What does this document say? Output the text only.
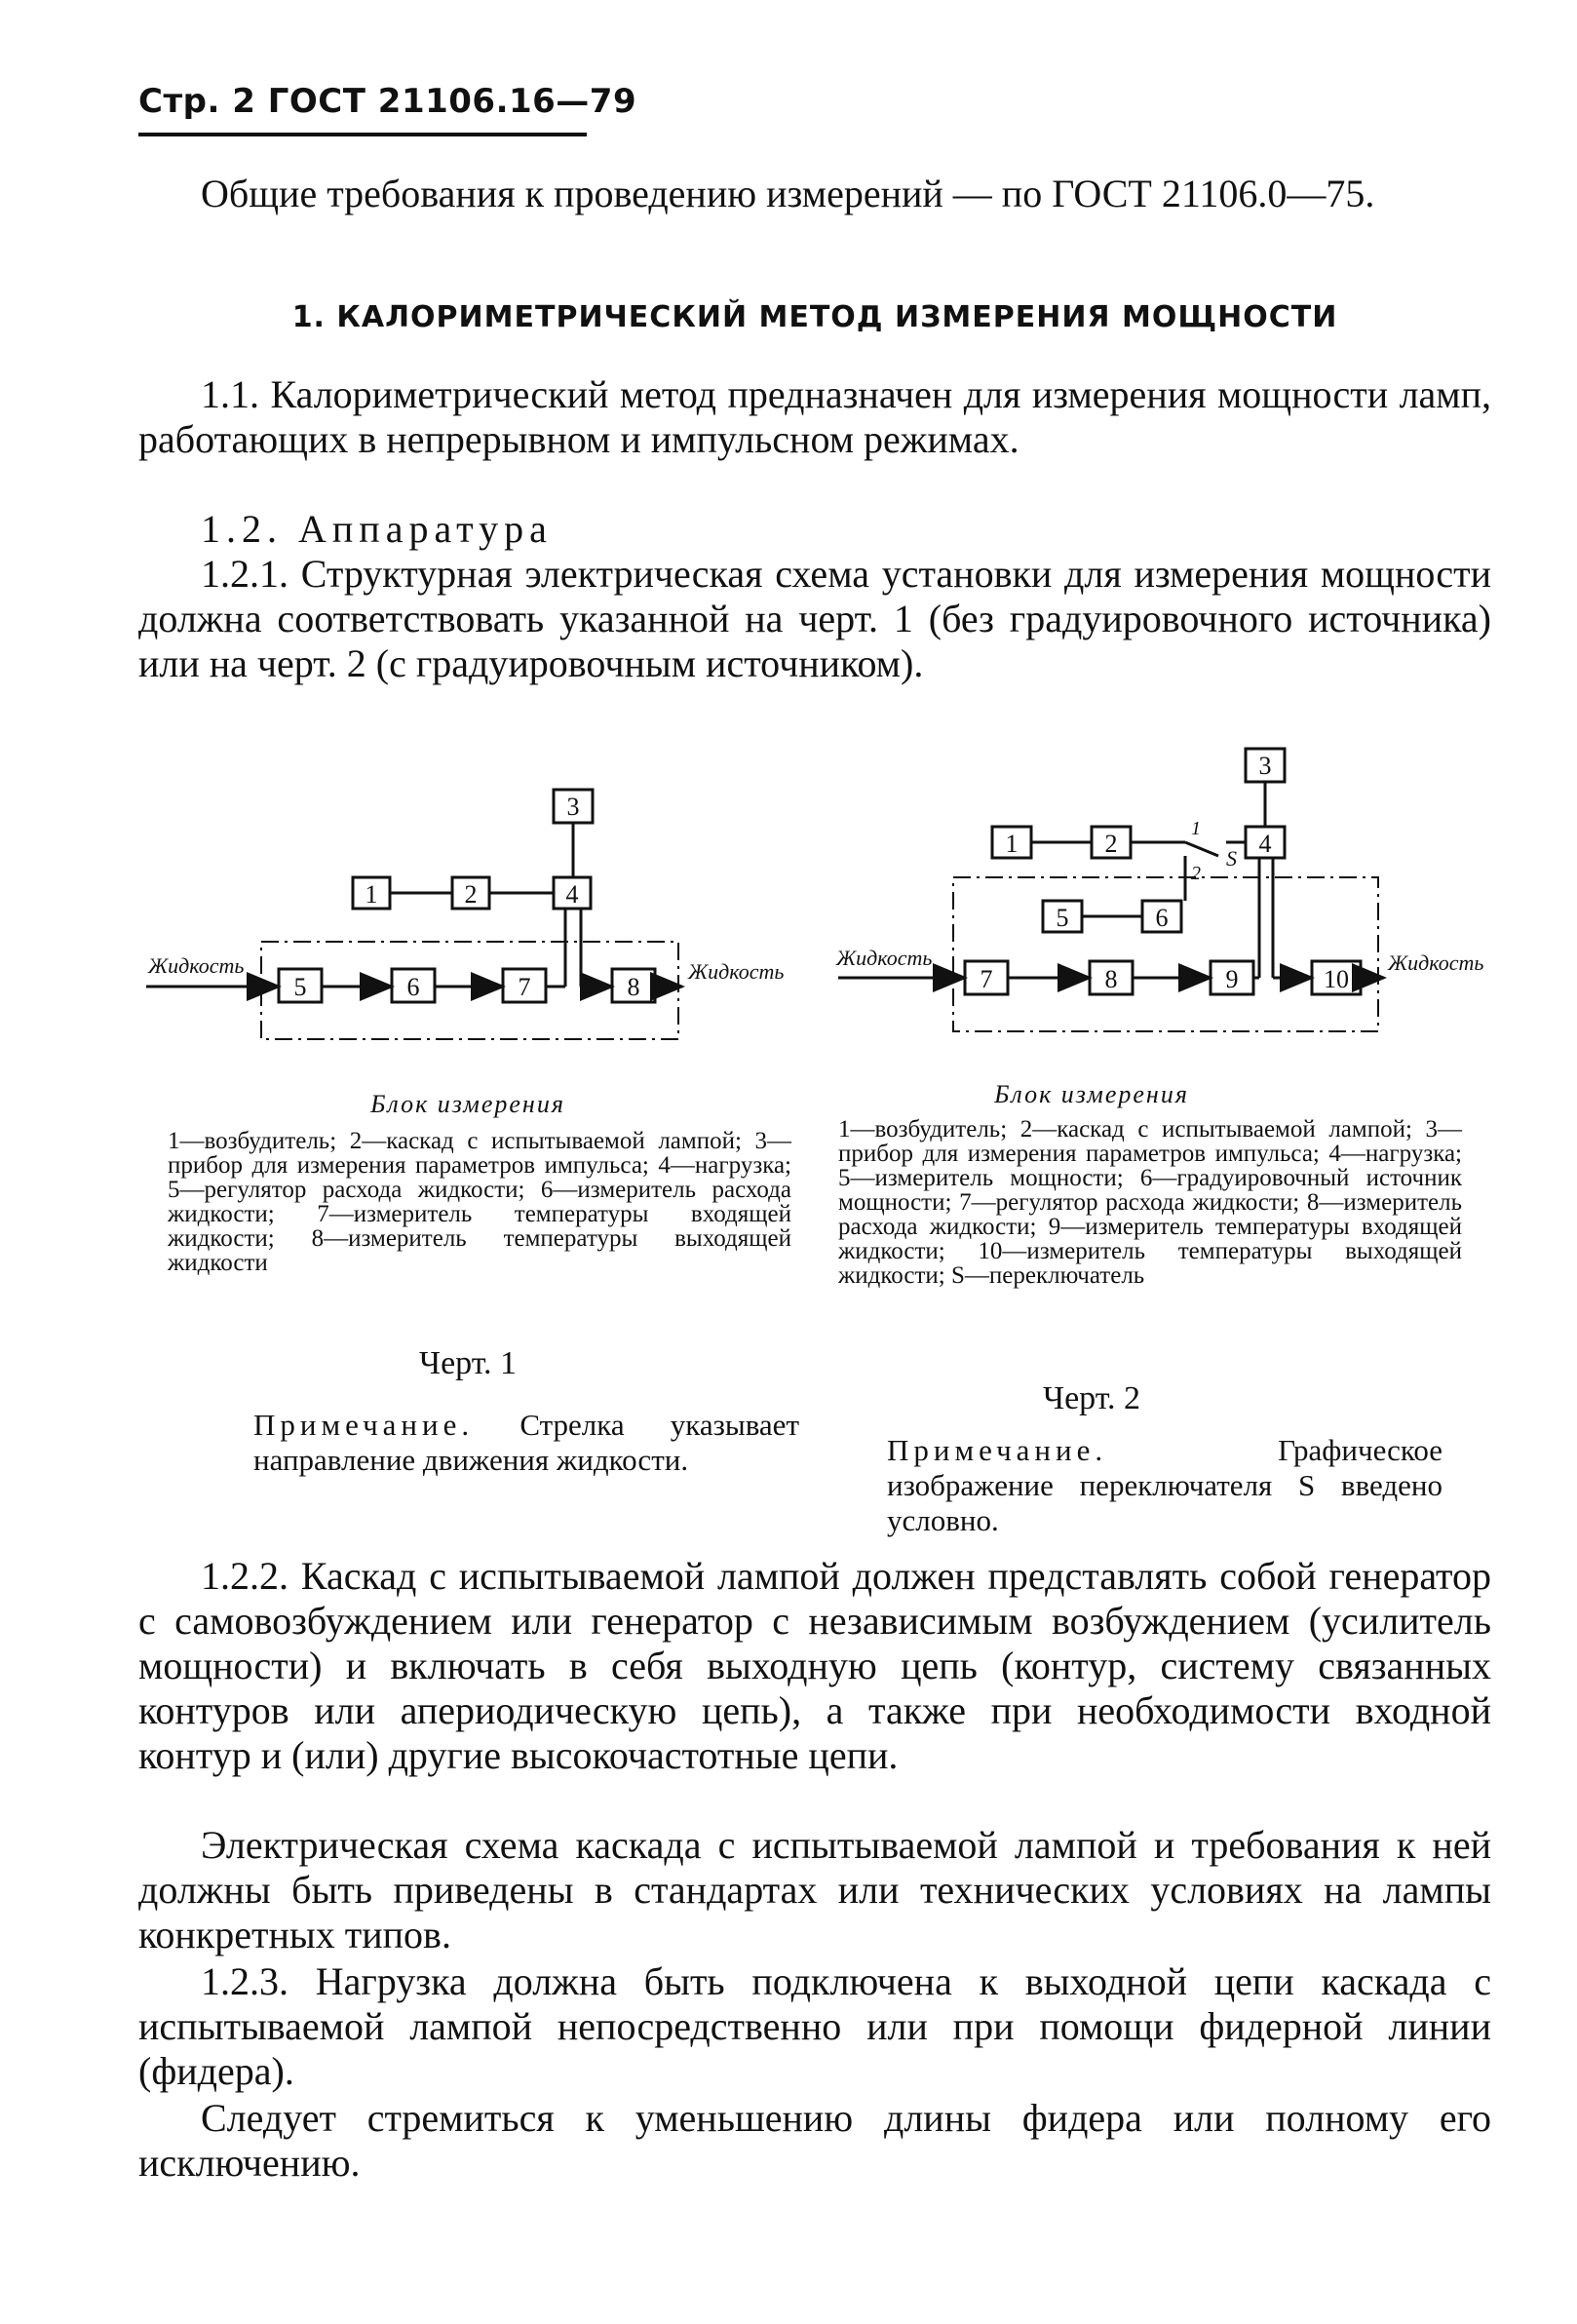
Стр. 2 ГОСТ 21106.16—79

Общие требования к проведению измерений — по ГОСТ 21106.0—75.

1. КАЛОРИМЕТРИЧЕСКИЙ МЕТОД ИЗМЕРЕНИЯ МОЩНОСТИ

1.1. Калориметрический метод предназначен для измерения мощности ламп, работающих в непрерывном и импульсном режимах.

1.2. Аппаратура

1.2.1. Структурная электрическая схема установки для измерения мощности должна соответствовать указанной на черт. 1 (без градуировочного источника) или на черт. 2 (с градуировочным источником).

3
1	2	4
5	6	7	8
Жидкость	Жидкость
Блок измерения
1—возбудитель; 2—каскад с испытываемой лампой; 3—прибор для измерения параметров импульса; 4—нагрузка; 5—регулятор расхода жидкости; 6—измеритель расхода жидкости; 7—измеритель температуры входящей жидкости; 8—измеритель температуры выходящей жидкости
Черт. 1
Примечание. Стрелка указывает направление движения жидкости.
3
1	2	4
5	6
7	8	9	10
1
2
S
Жидкость	Жидкость
Блок измерения
1—возбудитель; 2—каскад с испытываемой лампой; 3—прибор для измерения параметров импульса; 4—нагрузка; 5—измеритель мощности; 6—градуировочный источник мощности; 7—регулятор расхода жидкости; 8—измеритель расхода жидкости; 9—измеритель температуры входящей жидкости; 10—измеритель температуры выходящей жидкости; S—переключатель
Черт. 2
Примечание.	Графическое изображение переключателя S введено условно.

1.2.2. Каскад с испытываемой лампой должен представлять собой генератор с самовозбуждением или генератор с независимым возбуждением (усилитель мощности) и включать в себя выходную цепь (контур, систему связанных контуров или апериодическую цепь), а также при необходимости входной контур и (или) другие высокочастотные цепи.

Электрическая схема каскада с испытываемой лампой и требования к ней должны быть приведены в стандартах или технических условиях на лампы конкретных типов.

1.2.3. Нагрузка должна быть подключена к выходной цепи каскада с испытываемой лампой непосредственно или при помощи фидерной линии (фидера).

Следует стремиться к уменьшению длины фидера или полному его исключению.
